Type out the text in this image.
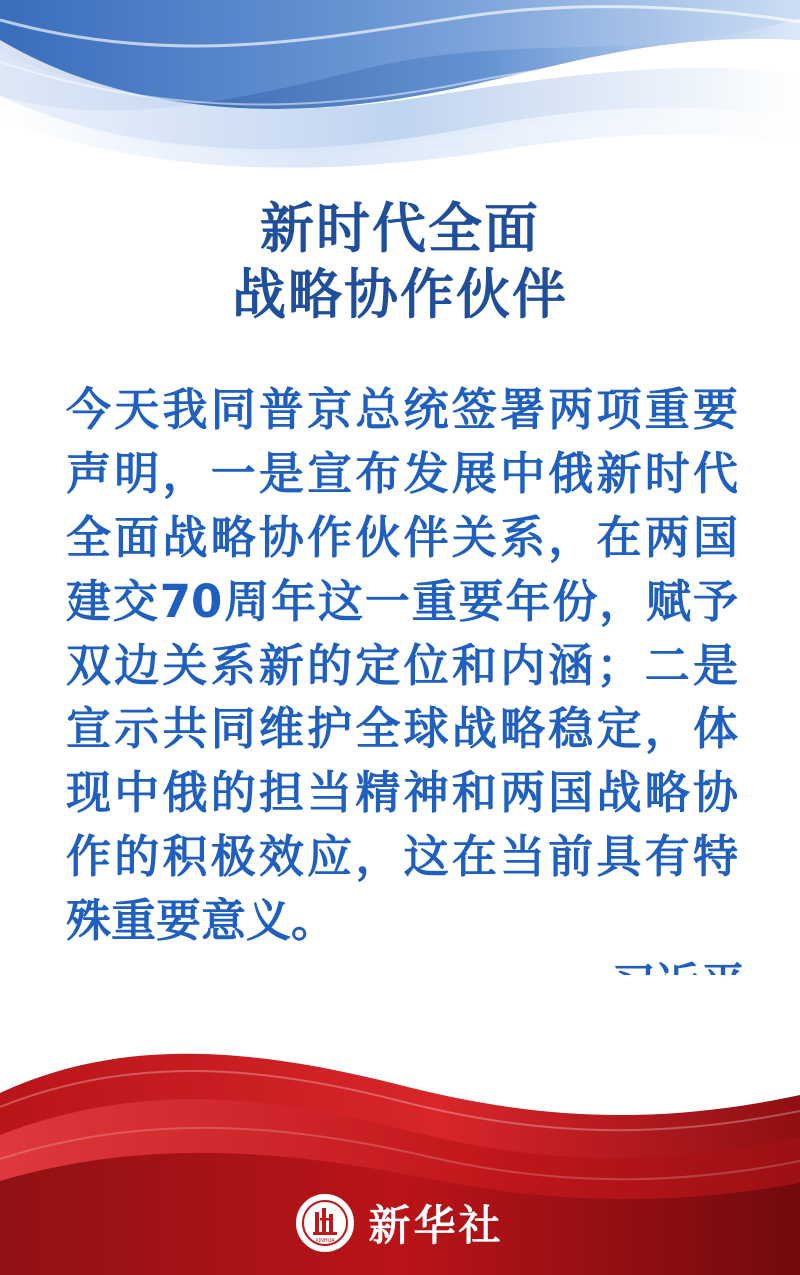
新时代全面
战略协作伙伴
今天我同普京总统签署两项重要声明，一是宣布发展中俄新时代全面战略协作伙伴关系，在两国建交70周年这一重要年份，赋予双边关系新的定位和内涵；二是宣示共同维护全球战略稳定，体现中俄的担当精神和两国战略协作的积极效应，这在当前具有特殊重要意义。
XINHUA 新华社
